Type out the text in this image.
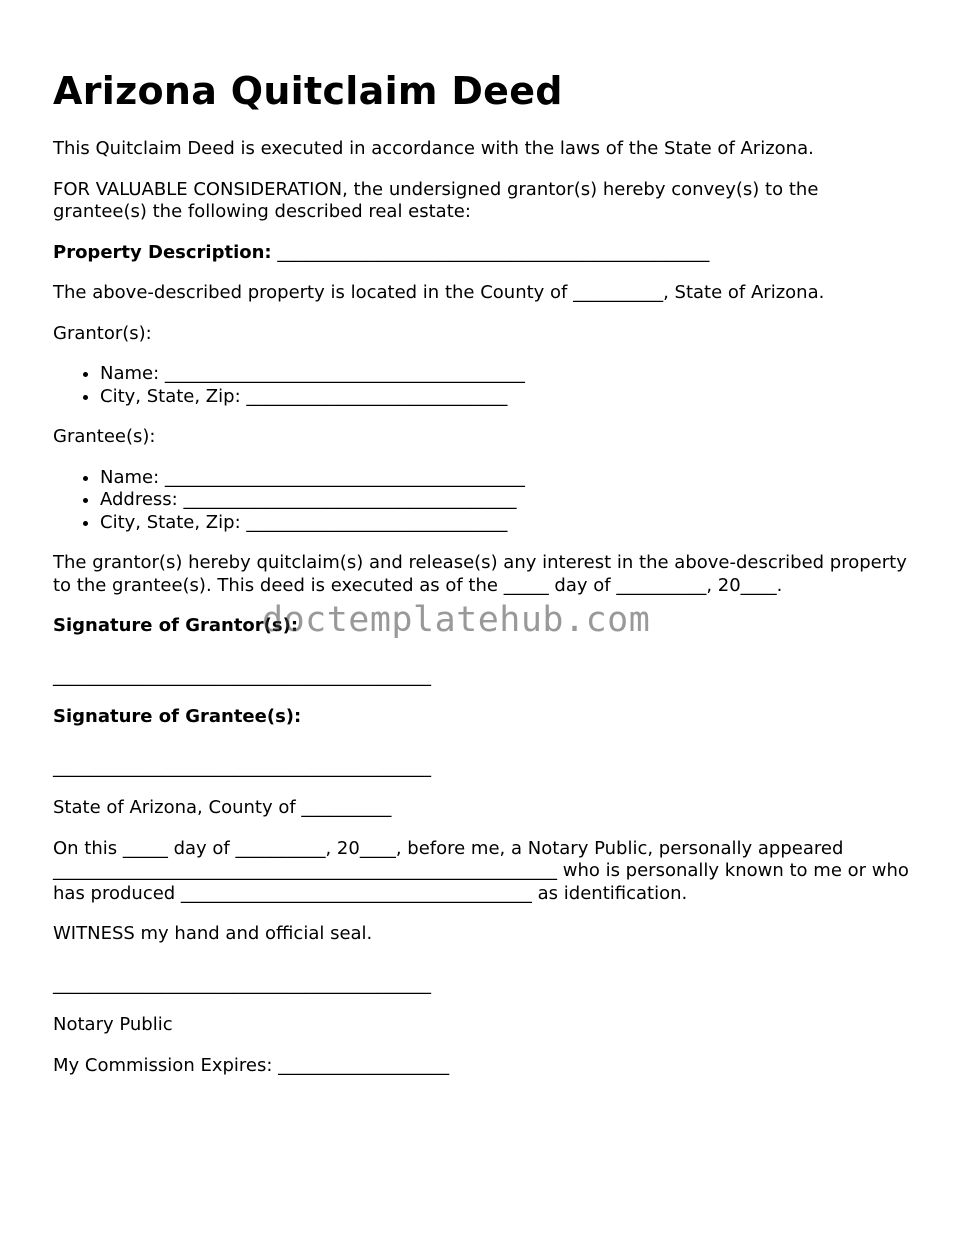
Arizona Quitclaim Deed

This Quitclaim Deed is executed in accordance with the laws of the State of Arizona.

FOR VALUABLE CONSIDERATION, the undersigned grantor(s) hereby convey(s) to the grantee(s) the following described real estate:

Property Description: ________________________________________________

The above-described property is located in the County of __________, State of Arizona.

Grantor(s):

• Name: ________________________________________
• City, State, Zip: _____________________________

Grantee(s):

• Name: ________________________________________
• Address: _____________________________________
• City, State, Zip: _____________________________

The grantor(s) hereby quitclaim(s) and release(s) any interest in the above-described property to the grantee(s). This deed is executed as of the _____ day of __________, 20____.

Signature of Grantor(s):

__________________________________________

Signature of Grantee(s):

__________________________________________

State of Arizona, County of __________

On this _____ day of __________, 20____, before me, a Notary Public, personally appeared ________________________________________________________ who is personally known to me or who has produced _______________________________________ as identification.

WITNESS my hand and official seal.

__________________________________________

Notary Public

My Commission Expires: ___________________

doctemplatehub.com
